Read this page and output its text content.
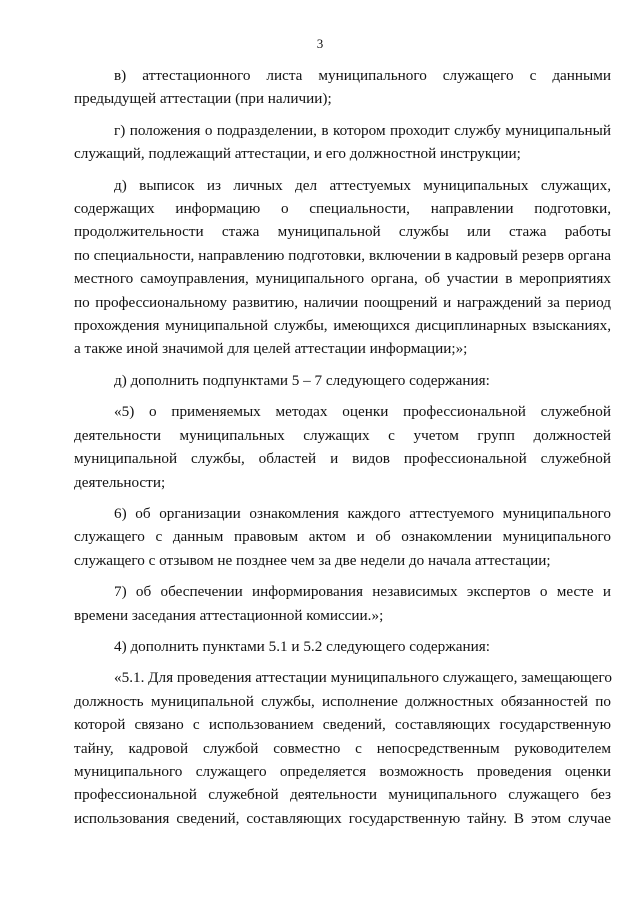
3
в) аттестационного листа муниципального служащего с данными
предыдущей аттестации (при наличии);
г) положения о подразделении, в котором проходит службу муниципальный
служащий, подлежащий аттестации, и его должностной инструкции;
д) выписок из личных дел аттестуемых муниципальных служащих,
содержащих информацию о специальности, направлении подготовки,
продолжительности стажа муниципальной службы или стажа работы
по специальности, направлению подготовки, включении в кадровый резерв органа
местного самоуправления, муниципального органа, об участии в мероприятиях
по профессиональному развитию, наличии поощрений и награждений за период
прохождения муниципальной службы, имеющихся дисциплинарных взысканиях,
а также иной значимой для целей аттестации информации;»;
д) дополнить подпунктами 5 – 7 следующего содержания:
«5) о применяемых методах оценки профессиональной служебной
деятельности муниципальных служащих с учетом групп должностей
муниципальной службы, областей и видов профессиональной служебной
деятельности;
6) об организации ознакомления каждого аттестуемого муниципального
служащего с данным правовым актом и об ознакомлении муниципального
служащего с отзывом не позднее чем за две недели до начала аттестации;
7) об обеспечении информирования независимых экспертов о месте и
времени заседания аттестационной комиссии.»;
4) дополнить пунктами 5.1 и 5.2 следующего содержания:
«5.1. Для проведения аттестации муниципального служащего, замещающего
должность муниципальной службы, исполнение должностных обязанностей по
которой связано с использованием сведений, составляющих государственную
тайну, кадровой службой совместно с непосредственным руководителем
муниципального служащего определяется возможность проведения оценки
профессиональной служебной деятельности муниципального служащего без
использования сведений, составляющих государственную тайну. В этом случае
